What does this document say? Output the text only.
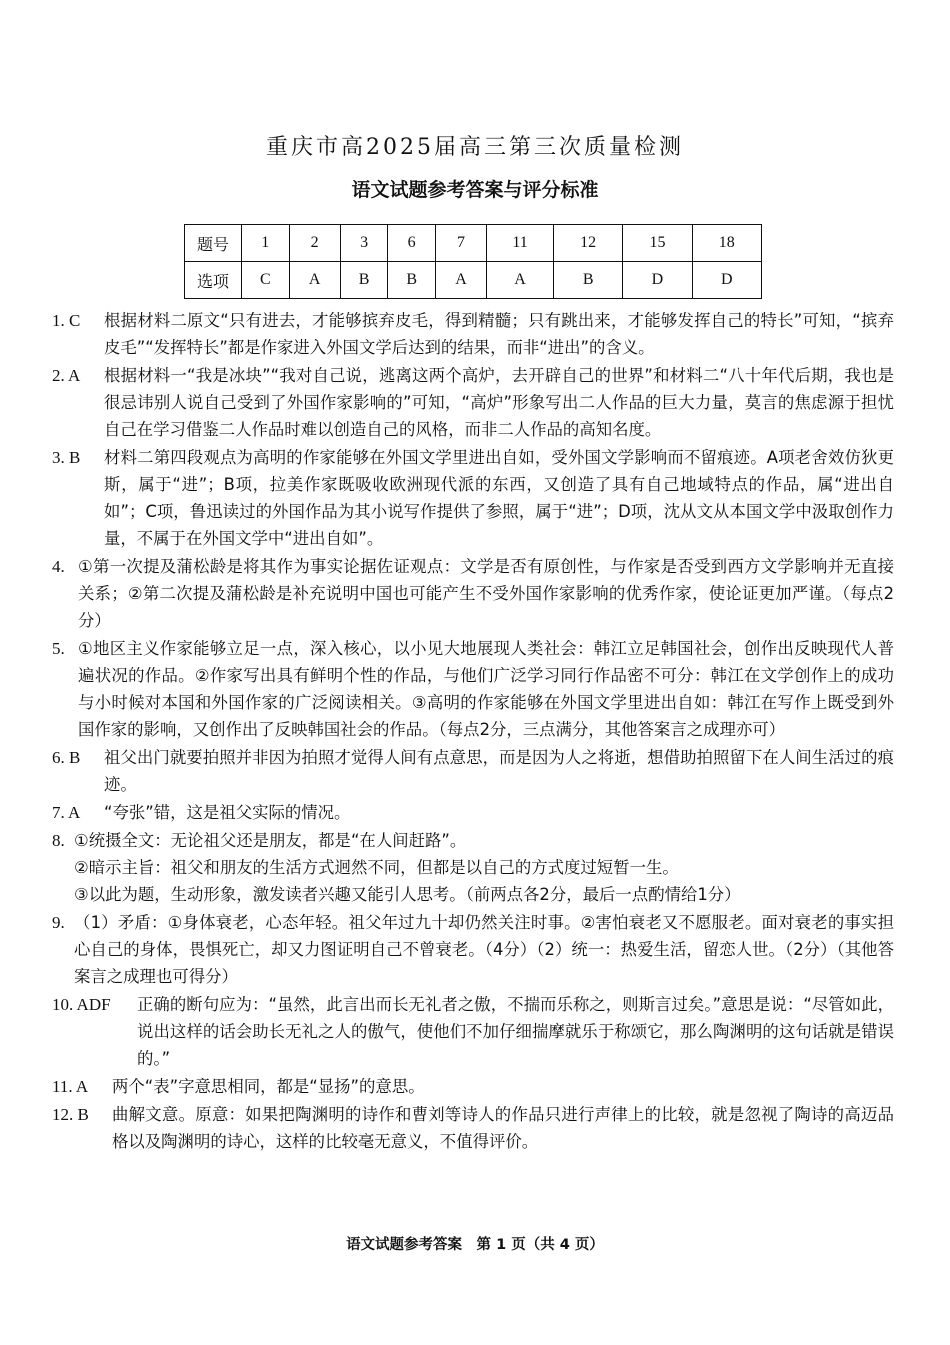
重庆市高2025届高三第三次质量检测
语文试题参考答案与评分标准
题号	1	2	3	6	7	11	12	15	18
选项	C	A	B	B	A	A	B	D	D
1. C	根据材料二原文“只有进去，才能够摈弃皮毛，得到精髓；只有跳出来，才能够发挥自己的特长”可知，“摈弃皮毛”“发挥特长”都是作家进入外国文学后达到的结果，而非“进出”的含义。
2. A	根据材料一“我是冰块”“我对自己说，逃离这两个高炉，去开辟自己的世界”和材料二“八十年代后期，我也是很忌讳别人说自己受到了外国作家影响的”可知，“高炉”形象写出二人作品的巨大力量，莫言的焦虑源于担忧自己在学习借鉴二人作品时难以创造自己的风格，而非二人作品的高知名度。
3. B	材料二第四段观点为高明的作家能够在外国文学里进出自如，受外国文学影响而不留痕迹。A项老舍效仿狄更斯，属于“进”；B项，拉美作家既吸收欧洲现代派的东西，又创造了具有自己地域特点的作品，属“进出自如”；C项，鲁迅读过的外国作品为其小说写作提供了参照，属于“进”；D项，沈从文从本国文学中汲取创作力量，不属于在外国文学中“进出自如”。
4. ①第一次提及蒲松龄是将其作为事实论据佐证观点：文学是否有原创性，与作家是否受到西方文学影响并无直接关系；②第二次提及蒲松龄是补充说明中国也可能产生不受外国作家影响的优秀作家，使论证更加严谨。（每点2分）
5. ①地区主义作家能够立足一点，深入核心，以小见大地展现人类社会：韩江立足韩国社会，创作出反映现代人普遍状况的作品。②作家写出具有鲜明个性的作品，与他们广泛学习同行作品密不可分：韩江在文学创作上的成功与小时候对本国和外国作家的广泛阅读相关。③高明的作家能够在外国文学里进出自如：韩江在写作上既受到外国作家的影响，又创作出了反映韩国社会的作品。（每点2分，三点满分，其他答案言之成理亦可）
6. B	祖父出门就要拍照并非因为拍照才觉得人间有点意思，而是因为人之将逝，想借助拍照留下在人间生活过的痕迹。
7. A	“夸张”错，这是祖父实际的情况。
8. ①统摄全文：无论祖父还是朋友，都是“在人间赶路”。
②暗示主旨：祖父和朋友的生活方式迥然不同，但都是以自己的方式度过短暂一生。
③以此为题，生动形象，激发读者兴趣又能引人思考。（前两点各2分，最后一点酌情给1分）
9. （1）矛盾：①身体衰老，心态年轻。祖父年过九十却仍然关注时事。②害怕衰老又不愿服老。面对衰老的事实担心自己的身体，畏惧死亡，却又力图证明自己不曾衰老。（4分）（2）统一：热爱生活，留恋人世。（2分）（其他答案言之成理也可得分）
10. ADF	正确的断句应为：“虽然，此言出而长无礼者之傲，不揣而乐称之，则斯言过矣。”意思是说：“尽管如此，说出这样的话会助长无礼之人的傲气，使他们不加仔细揣摩就乐于称颂它，那么陶渊明的这句话就是错误的。”
11. A	两个“表”字意思相同，都是“显扬”的意思。
12. B	曲解文意。原意：如果把陶渊明的诗作和曹刘等诗人的作品只进行声律上的比较，就是忽视了陶诗的高迈品格以及陶渊明的诗心，这样的比较毫无意义，不值得评价。
语文试题参考答案　第 1 页（共 4 页）
